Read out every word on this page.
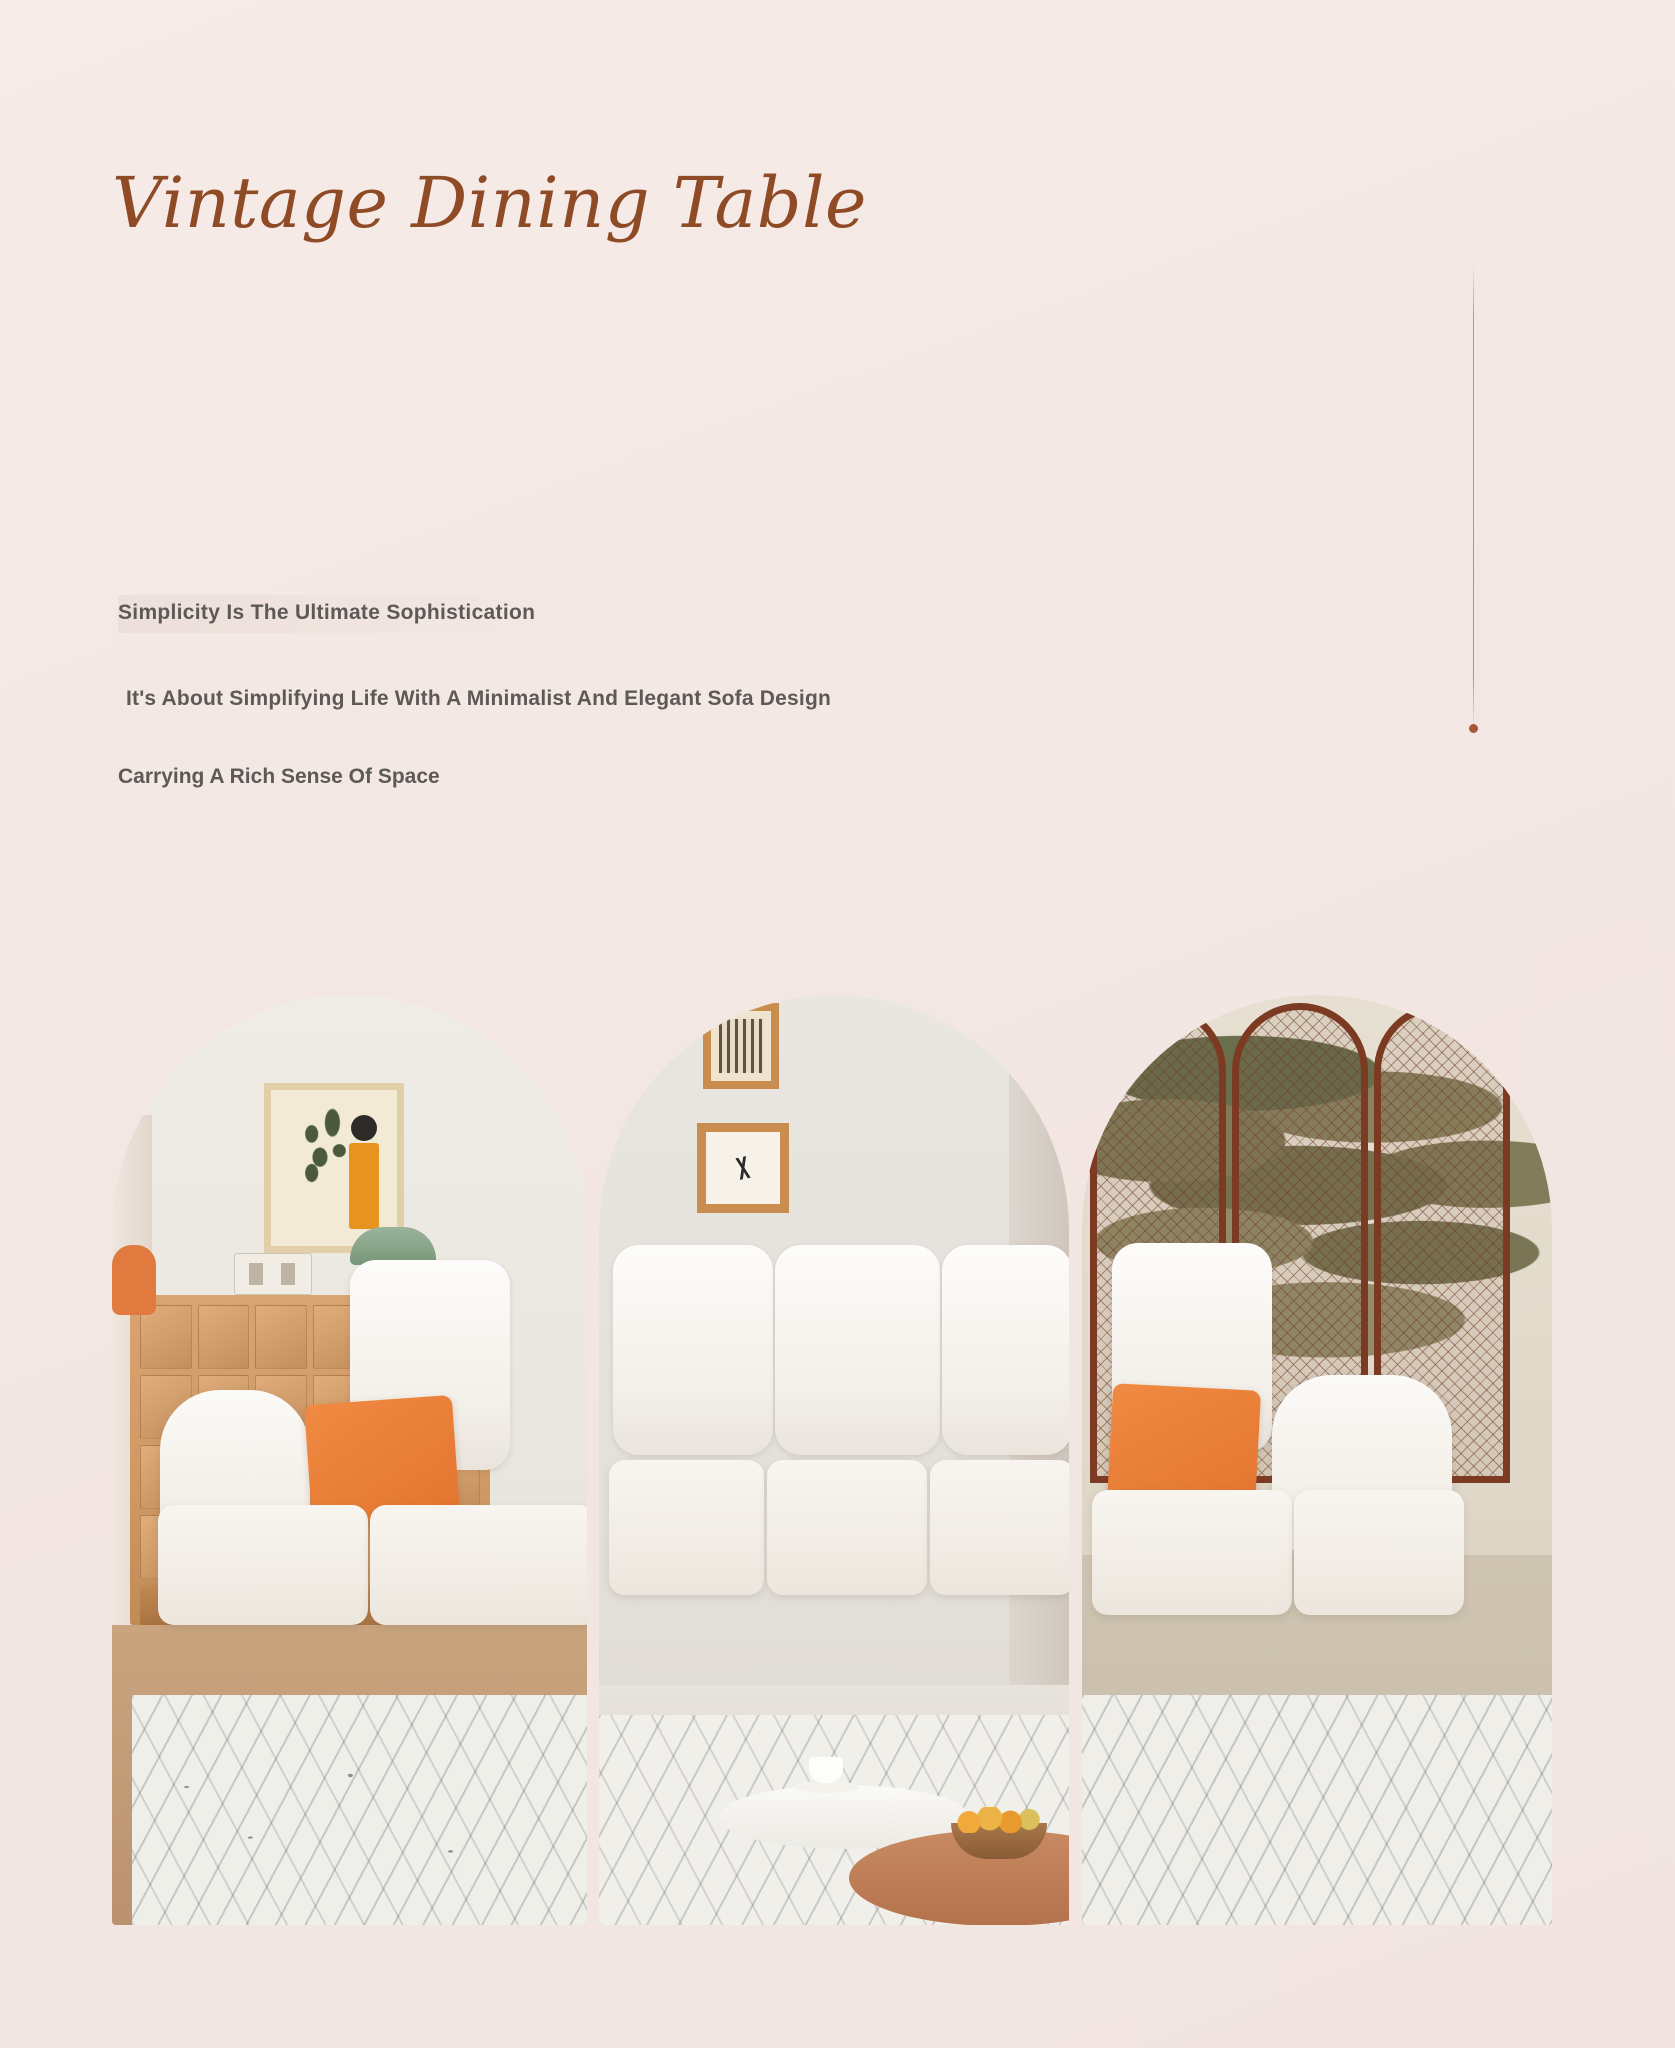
Vintage Dining Table
Simplicity Is The Ultimate Sophistication
It's About Simplifying Life With A Minimalist And Elegant Sofa Design
Carrying A Rich Sense Of Space
